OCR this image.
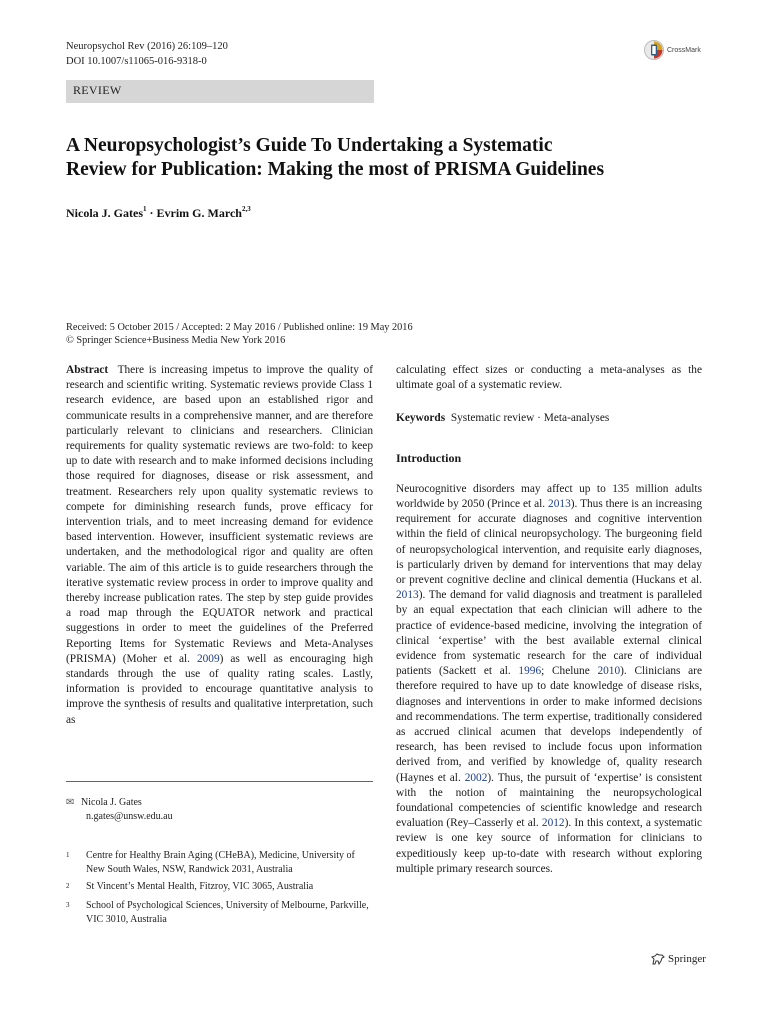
Neuropsychol Rev (2016) 26:109–120
DOI 10.1007/s11065-016-9318-0
CrossMark
REVIEW
A Neuropsychologist’s Guide To Undertaking a Systematic
Review for Publication: Making the most of PRISMA Guidelines
Nicola J. Gates$^1$ · Evrim G. March$^{2,3}$
Received: 5 October 2015 / Accepted: 2 May 2016 / Published online: 19 May 2016
© Springer Science+Business Media New York 2016

Abstract There is increasing impetus to improve the quality of research and scientific writing. Systematic reviews provide Class 1 research evidence, are based upon an established rigor and communicate results in a comprehensive manner, and are therefore particularly relevant to clinicians and researchers. Clinician requirements for quality systematic reviews are two-fold: to keep up to date with research and to make informed decisions including those required for diagnoses, disease or risk assessment, and treatment. Researchers rely upon quality systematic reviews to compete for diminishing research funds, prove efficacy for intervention trials, and to meet increasing demand for evidence based intervention. However, insufficient systematic reviews are undertaken, and the methodological rigor and quality are often variable. The aim of this article is to guide researchers through the iterative systematic review process in order to improve quality and thereby increase publication rates. The step by step guide provides a road map through the EQUATOR network and practical suggestions in order to meet the guidelines of the Preferred Reporting Items for Systematic Reviews and Meta-Analyses (PRISMA) (Moher et al. 2009) as well as encouraging high standards through the use of quality rating scales. Lastly, information is provided to encourage quantitative analysis to improve the synthesis of results and qualitative interpretation, such as

calculating effect sizes or conducting a meta-analyses as the ultimate goal of a systematic review.

Keywords Systematic review · Meta-analyses

Introduction

Neurocognitive disorders may affect up to 135 million adults worldwide by 2050 (Prince et al. 2013). Thus there is an increasing requirement for accurate diagnoses and cognitive intervention within the field of clinical neuropsychology. The burgeoning field of neuropsychological intervention, and requisite early diagnoses, is particularly driven by demand for interventions that may delay or prevent cognitive decline and clinical dementia (Huckans et al. 2013). The demand for valid diagnosis and treatment is paralleled by an equal expectation that each clinician will adhere to the practice of evidence-based medicine, involving the integration of clinical ‘expertise’ with the best available external clinical evidence from systematic research for the care of individual patients (Sackett et al. 1996; Chelune 2010). Clinicians are therefore required to have up to date knowledge of disease risks, diagnoses and interventions in order to make informed decisions and recommendations. The term expertise, traditionally considered as accrued clinical acumen that develops independently of research, has been revised to include focus upon information derived from, and verified by knowledge of, quality research (Haynes et al. 2002). Thus, the pursuit of ‘expertise’ is consistent with the notion of maintaining the neuropsychological foundational competencies of scientific knowledge and research evaluation (Rey–Casserly et al. 2012). In this context, a systematic review is one key source of information for clinicians to expeditiously keep up-to-date with research without exploring multiple primary research sources.

✉ Nicola J. Gates
n.gates@unsw.edu.au
1	Centre for Healthy Brain Aging (CHeBA), Medicine, University of New South Wales, NSW, Randwick 2031, Australia
2	St Vincent’s Mental Health, Fitzroy, VIC 3065, Australia
3	School of Psychological Sciences, University of Melbourne, Parkville, VIC 3010, Australia
Springer
